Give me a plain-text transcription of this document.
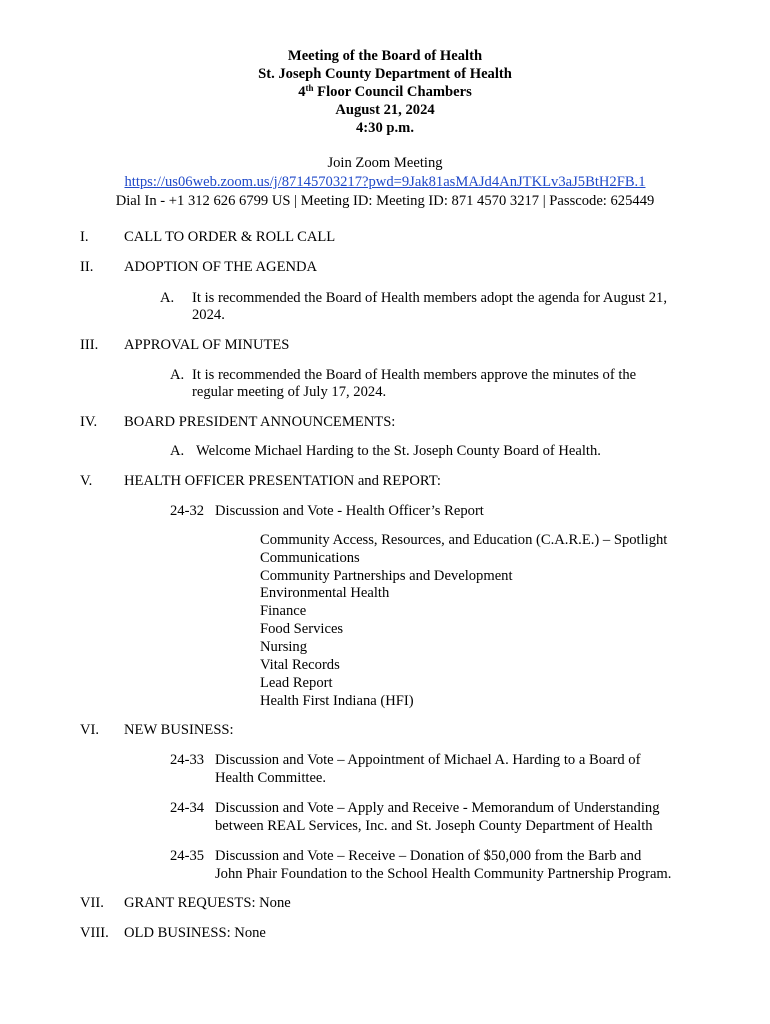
Meeting of the Board of Health
St. Joseph County Department of Health
4th Floor Council Chambers
August 21, 2024
4:30 p.m.
Join Zoom Meeting
https://us06web.zoom.us/j/87145703217?pwd=9Jak81asMAJd4AnJTKLv3aJ5BtH2FB.1
Dial In - +1 312 626 6799 US | Meeting ID: Meeting ID: 871 4570 3217 | Passcode: 625449
I. CALL TO ORDER & ROLL CALL
II. ADOPTION OF THE AGENDA
A. It is recommended the Board of Health members adopt the agenda for August 21,
2024.
III. APPROVAL OF MINUTES
A. It is recommended the Board of Health members approve the minutes of the
regular meeting of July 17, 2024.
IV. BOARD PRESIDENT ANNOUNCEMENTS:
A. Welcome Michael Harding to the St. Joseph County Board of Health.
V. HEALTH OFFICER PRESENTATION and REPORT:
24-32 Discussion and Vote - Health Officer’s Report
Community Access, Resources, and Education (C.A.R.E.) – Spotlight
Communications
Community Partnerships and Development
Environmental Health
Finance
Food Services
Nursing
Vital Records
Lead Report
Health First Indiana (HFI)
VI. NEW BUSINESS:
24-33 Discussion and Vote – Appointment of Michael A. Harding to a Board of
Health Committee.
24-34 Discussion and Vote – Apply and Receive - Memorandum of Understanding
between REAL Services, Inc. and St. Joseph County Department of Health
24-35 Discussion and Vote – Receive – Donation of $50,000 from the Barb and
John Phair Foundation to the School Health Community Partnership Program.
VII. GRANT REQUESTS: None
VIII. OLD BUSINESS: None
